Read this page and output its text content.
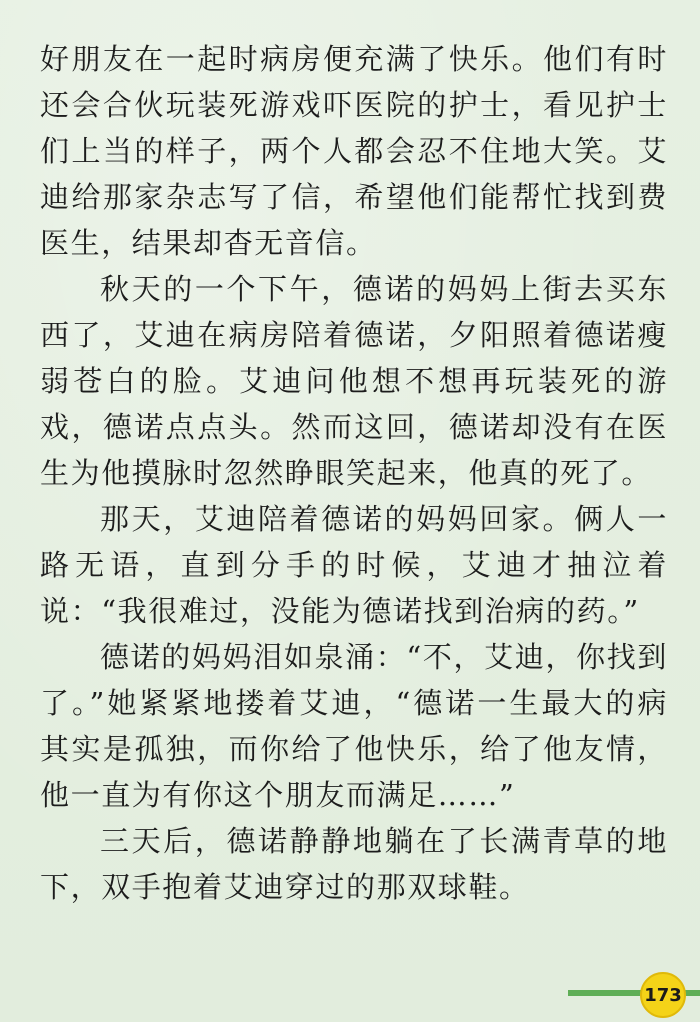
好朋友在一起时病房便充满了快乐。他们有时还会合伙玩装死游戏吓医院的护士，看见护士们上当的样子，两个人都会忍不住地大笑。艾迪给那家杂志写了信，希望他们能帮忙找到费医生，结果却杳无音信。

秋天的一个下午，德诺的妈妈上街去买东西了，艾迪在病房陪着德诺，夕阳照着德诺瘦弱苍白的脸。艾迪问他想不想再玩装死的游戏，德诺点点头。然而这回，德诺却没有在医生为他摸脉时忽然睁眼笑起来，他真的死了。

那天，艾迪陪着德诺的妈妈回家。俩人一路无语，直到分手的时候，艾迪才抽泣着说：“我很难过，没能为德诺找到治病的药。”

德诺的妈妈泪如泉涌：“不，艾迪，你找到了。”她紧紧地搂着艾迪，“德诺一生最大的病其实是孤独，而你给了他快乐，给了他友情，他一直为有你这个朋友而满足……”

三天后，德诺静静地躺在了长满青草的地下，双手抱着艾迪穿过的那双球鞋。

173
